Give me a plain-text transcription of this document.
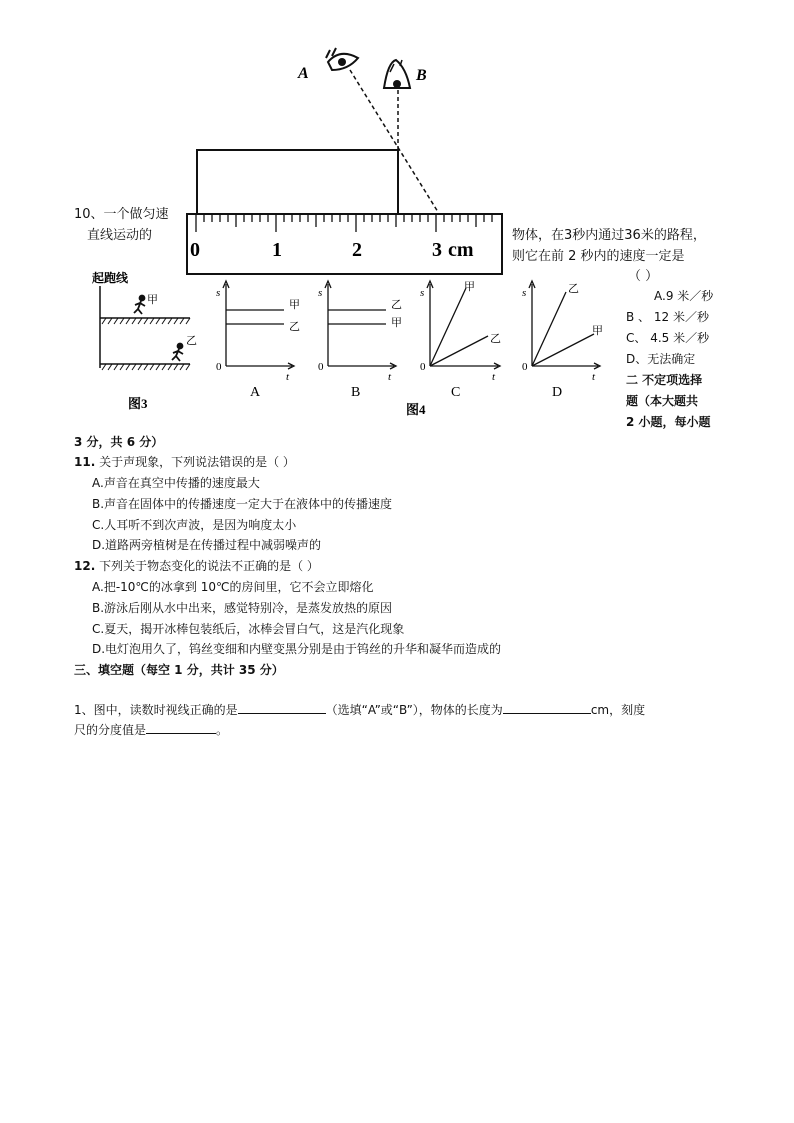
A	B
0	1	2	3 cm
10、一个做匀速
直线运动的	物体，在3秒内通过36米的路程，
则它在前 2 秒内的速度一定是
（ ）
A.9 米／秒
B 、 12 米／秒
C、 4.5 米／秒
D、无法确定
二 不定项选择
题（本大题共
2 小题，每小题
3 分，共 6 分）
起跑线
甲
乙
图3
s
t
0
甲
乙
A
s
t
0
乙
甲
B
s
t
0
甲
乙
C
s
t
0
乙
甲
D
图4
11. 关于声现象，下列说法错误的是（ ）
A.声音在真空中传播的速度最大
B.声音在固体中的传播速度一定大于在液体中的传播速度
C.人耳听不到次声波，是因为响度太小
D.道路两旁植树是在传播过程中减弱噪声的
12. 下列关于物态变化的说法不正确的是（ ）
A.把-10℃的冰拿到 10℃的房间里，它不会立即熔化
B.游泳后刚从水中出来，感觉特别冷，是蒸发放热的原因
C.夏天，揭开冰棒包装纸后，冰棒会冒白气，这是汽化现象
D.电灯泡用久了，钨丝变细和内壁变黑分别是由于钨丝的升华和凝华而造成的
三、填空题（每空 1 分，共计 35 分）
1、图中，读数时视线正确的是	（选填“A”或“B”），物体的长度为	cm，刻度
尺的分度值是	。
